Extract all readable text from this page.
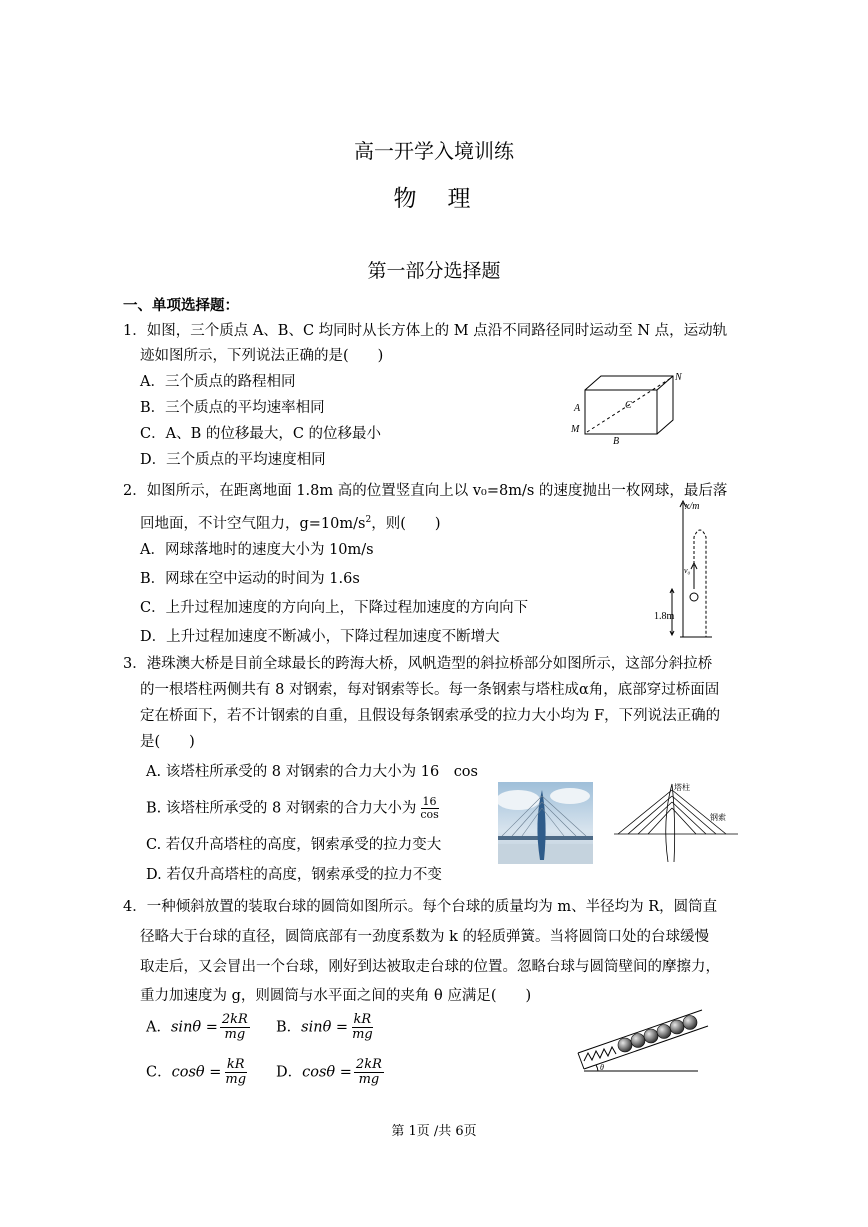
高一开学入境训练
物　理
第一部分选择题
一、单项选择题：
1．如图，三个质点 A、B、C 均同时从长方体上的 M 点沿不同路径同时运动至 N 点，运动轨
迹如图所示，下列说法正确的是(　　)
A．三个质点的路程相同
B．三个质点的平均速率相同
C．A、B 的位移最大，C 的位移最小
D．三个质点的平均速度相同
N
A	C
M
B
2．如图所示，在距离地面 1.8m 高的位置竖直向上以 v₀=8m/s 的速度抛出一枚网球，最后落
回地面，不计空气阻力，$g=10m/s^2$，则(　　)
A．网球落地时的速度大小为 10m/s
B．网球在空中运动的时间为 1.6s
C．上升过程加速度的方向向上，下降过程加速度的方向向下
D．上升过程加速度不断减小，下降过程加速度不断增大
x/m
v₀
1.8m
3．港珠澳大桥是目前全球最长的跨海大桥，风帆造型的斜拉桥部分如图所示，这部分斜拉桥
的一根塔柱两侧共有 8 对钢索，每对钢索等长。每一条钢索与塔柱成α角，底部穿过桥面固
定在桥面下，若不计钢索的自重，且假设每条钢索承受的拉力大小均为 F，下列说法正确的
是(　　)
A. 该塔柱所承受的 8 对钢索的合力大小为 16　cos
B. 该塔柱所承受的 8 对钢索的合力大小为 $\frac{16}{\cos}$
C. 若仅升高塔柱的高度，钢索承受的拉力变大
D. 若仅升高塔柱的高度，钢索承受的拉力不变
塔柱
钢索
4．一种倾斜放置的装取台球的圆筒如图所示。每个台球的质量均为 m、半径均为 R，圆筒直
径略大于台球的直径，圆筒底部有一劲度系数为 k 的轻质弹簧。当将圆筒口处的台球缓慢
取走后，又会冒出一个台球，刚好到达被取走台球的位置。忽略台球与圆筒壁间的摩擦力，
重力加速度为 g，则圆筒与水平面之间的夹角 θ 应满足(　　)
A．$\sin\theta = \frac{2kR}{mg}$ B．$\sin\theta = \frac{kR}{mg}$
C．$\cos\theta = \frac{kR}{mg}$ D．$\cos\theta = \frac{2kR}{mg}$	θ
第 1页 /共 6页
